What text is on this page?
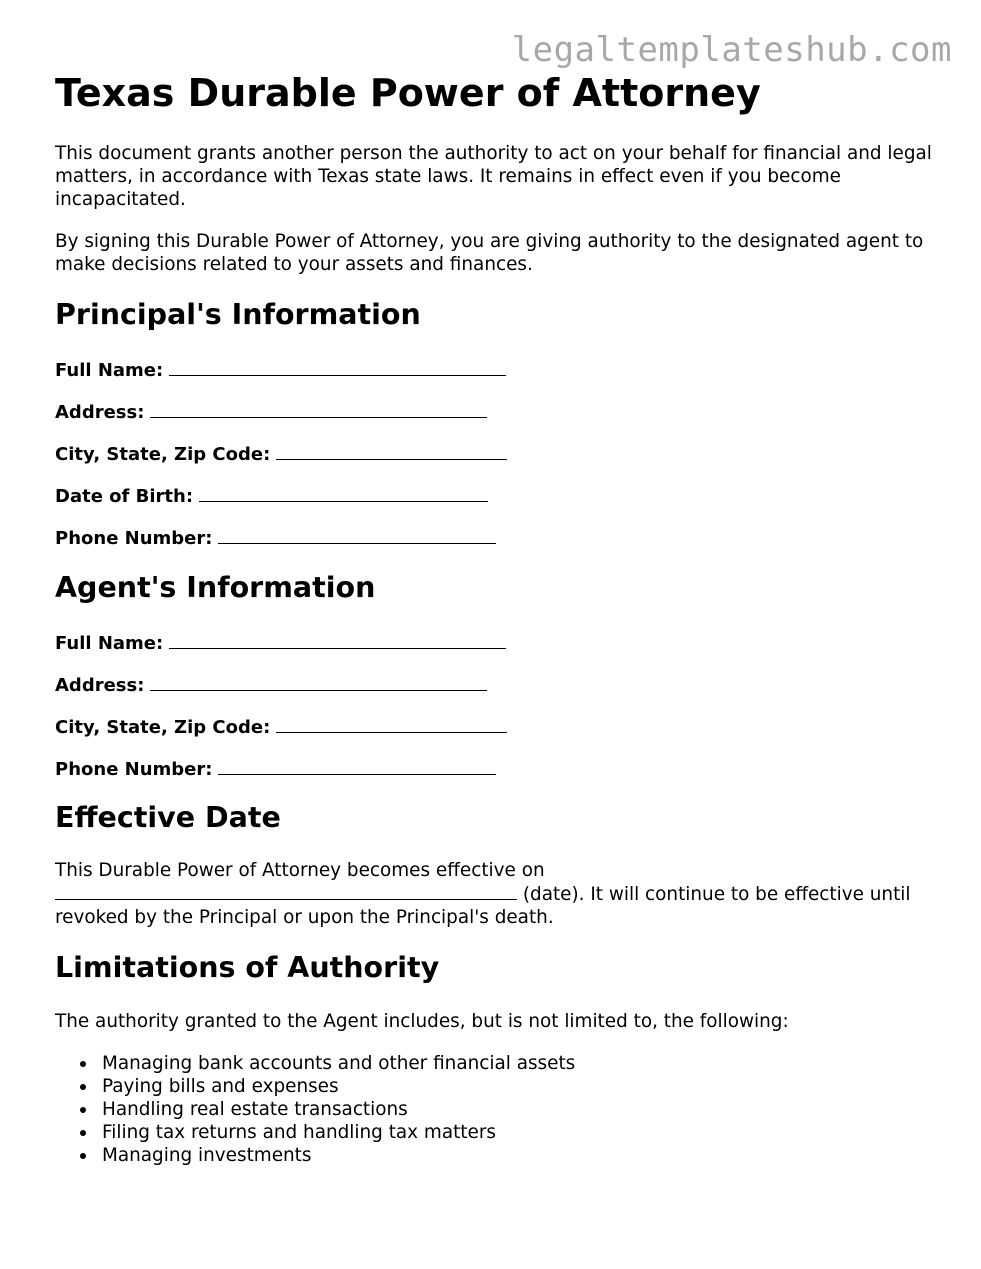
legaltemplateshub.com
Texas Durable Power of Attorney

This document grants another person the authority to act on your behalf for financial and legal matters, in accordance with Texas state laws. It remains in effect even if you become incapacitated.

By signing this Durable Power of Attorney, you are giving authority to the designated agent to make decisions related to your assets and finances.

Principal's Information

Full Name:

Address:

City, State, Zip Code:

Date of Birth:

Phone Number:

Agent's Information

Full Name:

Address:

City, State, Zip Code:

Phone Number:

Effective Date

This Durable Power of Attorney becomes effective on
(date). It will continue to be effective until revoked by the Principal or upon the Principal's death.

Limitations of Authority

The authority granted to the Agent includes, but is not limited to, the following:

Managing bank accounts and other financial assets
Paying bills and expenses
Handling real estate transactions
Filing tax returns and handling tax matters
Managing investments
